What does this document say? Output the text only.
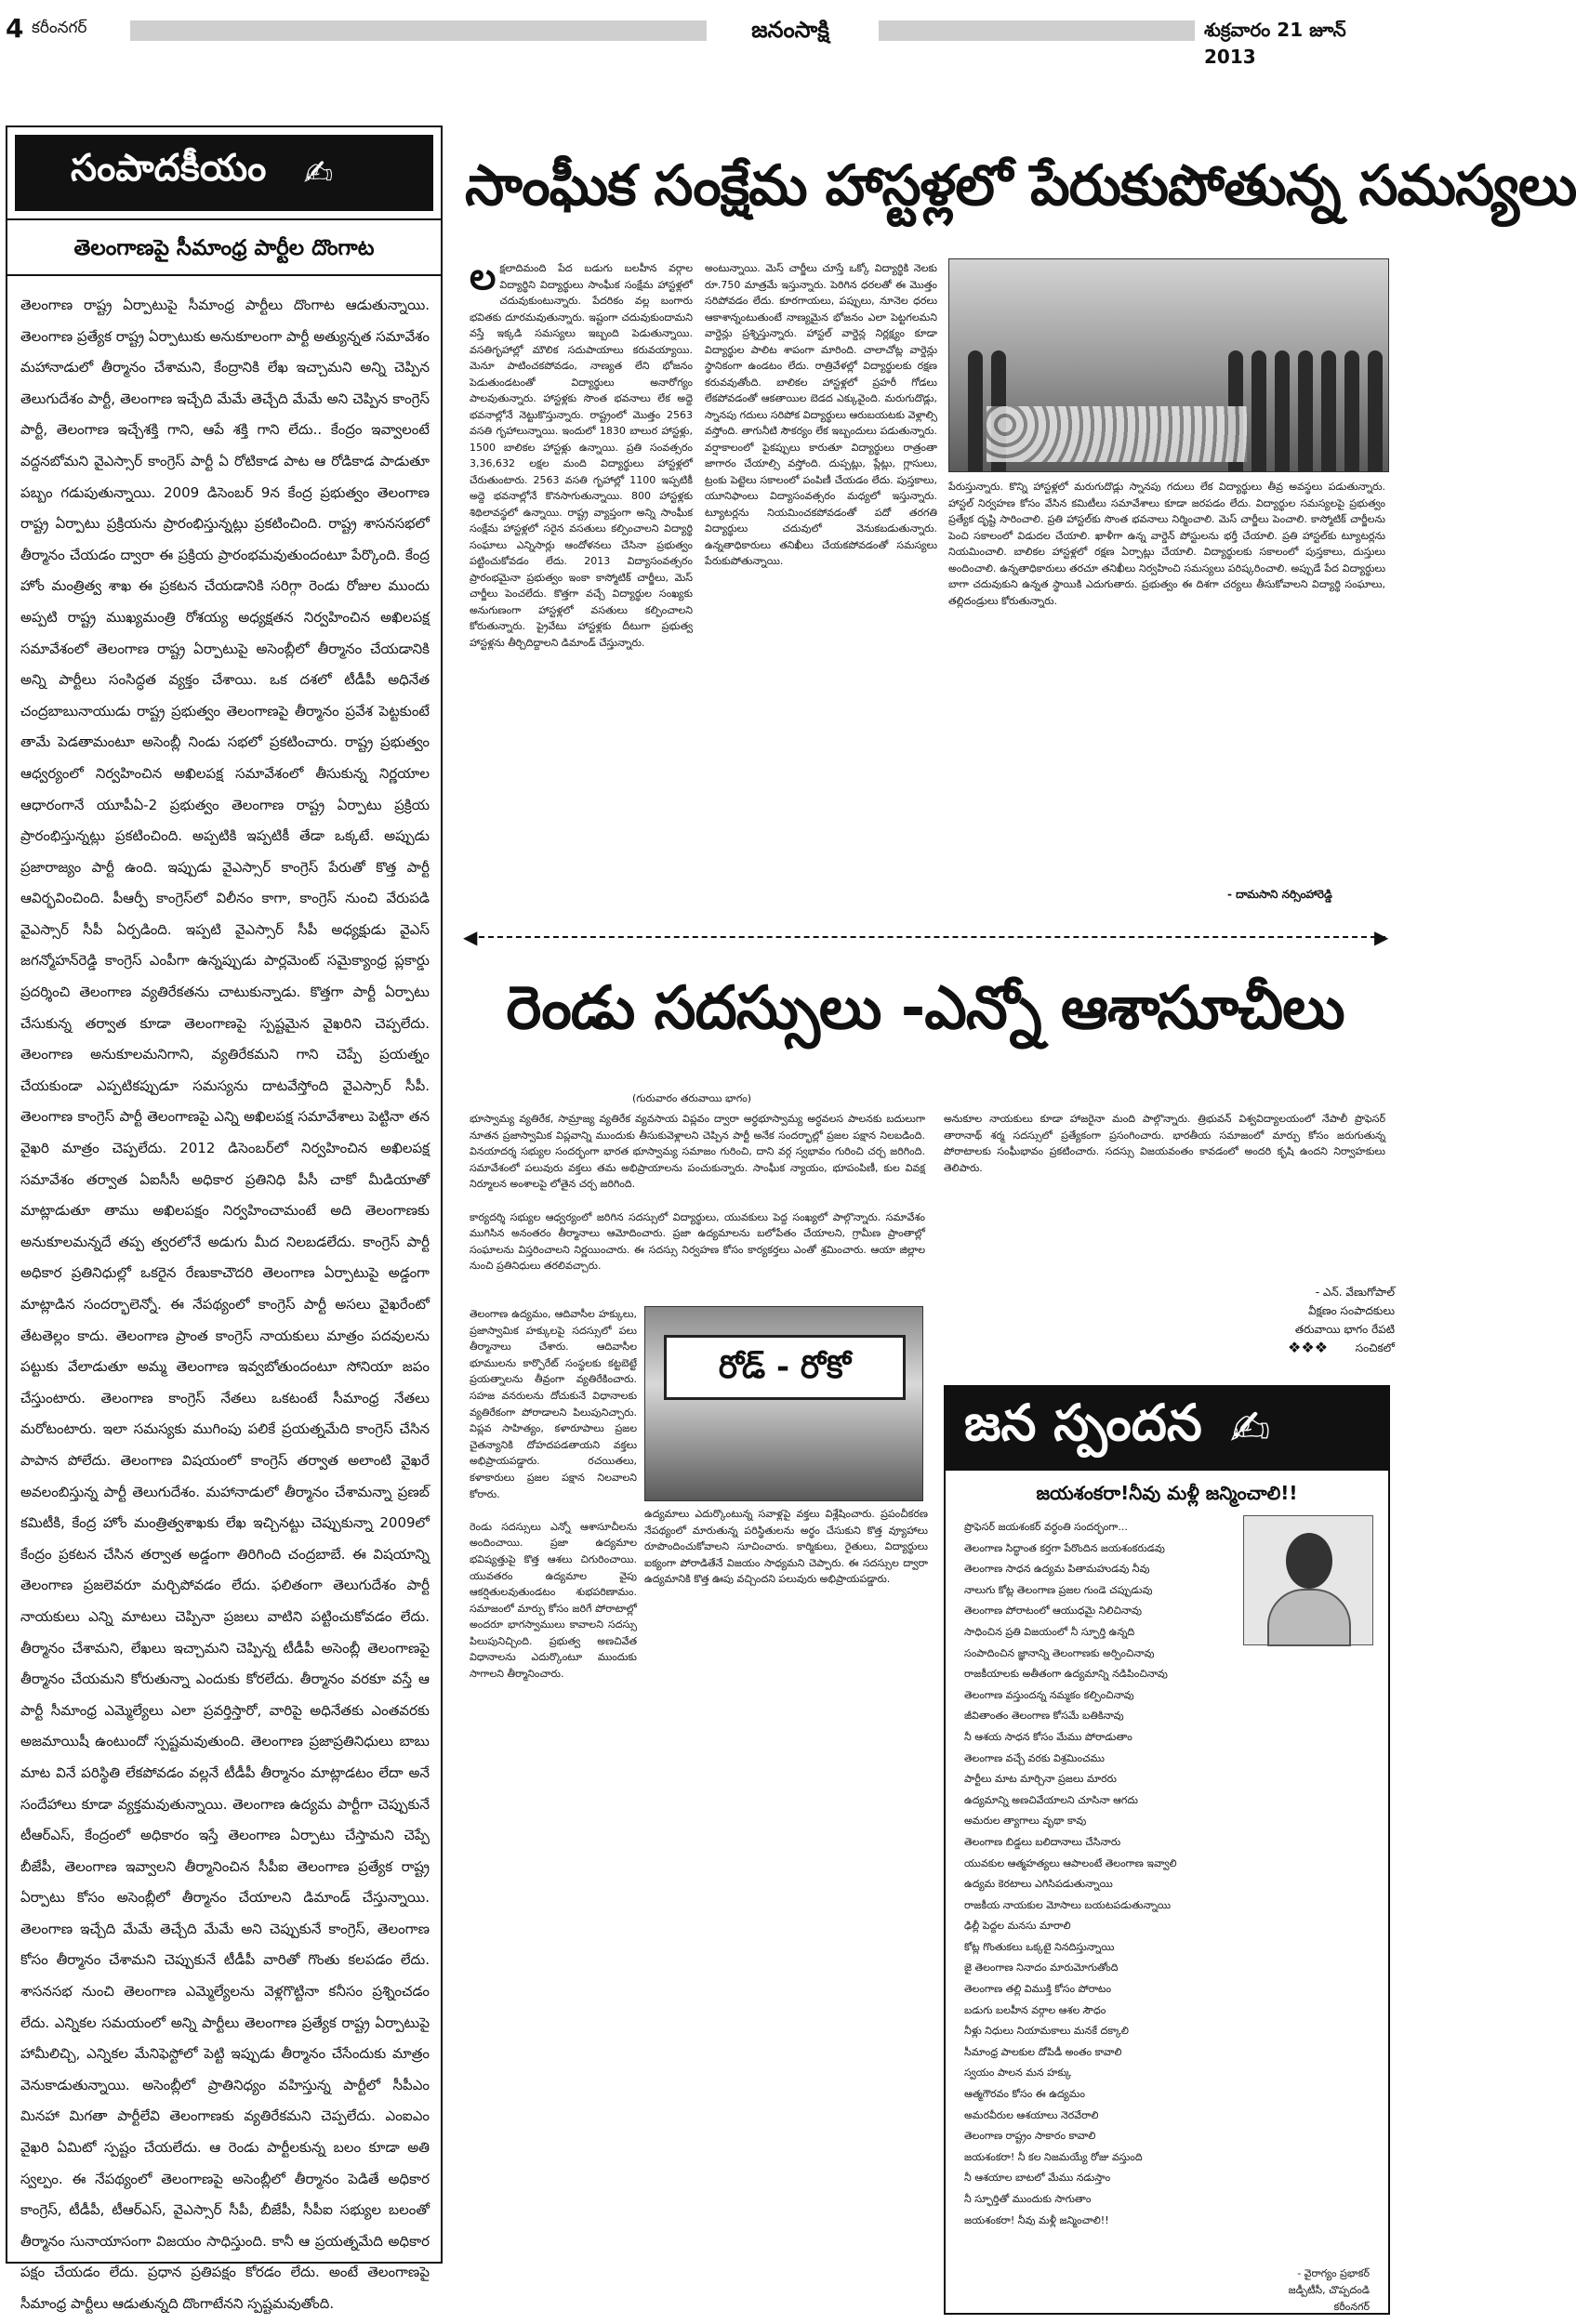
4 కరీంనగర్	జనంసాక్షి	శుక్రవారం 21 జూన్ 2013
సంపాదకీయం ✍
తెలంగాణపై సీమాంధ్ర పార్టీల దొంగాట
తెలంగాణ రాష్ట్ర ఏర్పాటుపై సీమాంధ్ర పార్టీలు దొంగాట ఆడుతున్నాయి. తెలంగాణ ప్రత్యేక రాష్ట్ర ఏర్పాటుకు అనుకూలంగా పార్టీ అత్యున్నత సమావేశం మహానాడులో తీర్మానం చేశామని, కేంద్రానికి లేఖ ఇచ్చామని అన్ని చెప్పిన తెలుగుదేశం పార్టీ, తెలంగాణ ఇచ్చేది మేమే తెచ్చేది మేమే అని చెప్పిన కాంగ్రెస్ పార్టీ, తెలంగాణ ఇచ్చేశక్తి గాని, ఆపే శక్తి గాని లేదు.. కేంద్రం ఇవ్వాలంటే వద్దనబోమని వైఎస్సార్ కాంగ్రెస్ పార్టీ ఏ రోటికాడ పాట ఆ రోడికాడ పాడుతూ పబ్బం గడుపుతున్నాయి. 2009 డిసెంబర్ 9న కేంద్ర ప్రభుత్వం తెలంగాణ రాష్ట్ర ఏర్పాటు ప్రక్రియను ప్రారంభిస్తున్నట్లు ప్రకటించింది. రాష్ట్ర శాసనసభలో తీర్మానం చేయడం ద్వారా ఈ ప్రక్రియ ప్రారంభమవుతుందంటూ పేర్కొంది. కేంద్ర హోం మంత్రిత్వ శాఖ ఈ ప్రకటన చేయడానికి సరిగ్గా రెండు రోజుల ముందు అప్పటి రాష్ట్ర ముఖ్యమంత్రి రోశయ్య అధ్యక్షతన నిర్వహించిన అఖిలపక్ష సమావేశంలో తెలంగాణ రాష్ట్ర ఏర్పాటుపై అసెంబ్లీలో తీర్మానం చేయడానికి అన్ని పార్టీలు సంసిద్ధత వ్యక్తం చేశాయి. ఒక దశలో టీడీపీ అధినేత చంద్రబాబునాయుడు రాష్ట్ర ప్రభుత్వం తెలంగాణపై తీర్మానం ప్రవేశ పెట్టకుంటే తామే పెడతామంటూ అసెంబ్లీ నిండు సభలో ప్రకటించారు. రాష్ట్ర ప్రభుత్వం ఆధ్వర్యంలో నిర్వహించిన అఖిలపక్ష సమావేశంలో తీసుకున్న నిర్ణయాల ఆధారంగానే యూపీఏ-2 ప్రభుత్వం తెలంగాణ రాష్ట్ర ఏర్పాటు ప్రక్రియ ప్రారంభిస్తున్నట్లు ప్రకటించింది. అప్పటికి ఇప్పటికీ తేడా ఒక్కటే. అప్పుడు ప్రజారాజ్యం పార్టీ ఉంది. ఇప్పుడు వైఎస్సార్ కాంగ్రెస్ పేరుతో కొత్త పార్టీ ఆవిర్భవించింది. పీఆర్పీ కాంగ్రెస్‌లో విలీనం కాగా, కాంగ్రెస్ నుంచి వేరుపడి వైఎస్సార్ సీపీ ఏర్పడింది. ఇప్పటి వైఎస్సార్ సీపీ అధ్యక్షుడు వైఎస్ జగన్మోహన్‌రెడ్డి కాంగ్రెస్ ఎంపీగా ఉన్నప్పుడు పార్లమెంట్ సమైక్యాంధ్ర ప్లకార్డు ప్రదర్శించి తెలంగాణ వ్యతిరేకతను చాటుకున్నాడు. కొత్తగా పార్టీ ఏర్పాటు చేసుకున్న తర్వాత కూడా తెలంగాణపై స్పష్టమైన వైఖరిని చెప్పలేదు. తెలంగాణ అనుకూలమనిగాని, వ్యతిరేకమని గాని చెప్పే ప్రయత్నం చేయకుండా ఎప్పటికప్పుడూ సమస్యను దాటవేస్తోంది వైఎస్సార్ సీపీ. తెలంగాణ కాంగ్రెస్ పార్టీ తెలంగాణపై ఎన్ని అఖిలపక్ష సమావేశాలు పెట్టినా తన వైఖరి మాత్రం చెప్పలేదు. 2012 డిసెంబర్‌లో నిర్వహించిన అఖిలపక్ష సమావేశం తర్వాత ఏఐసీసీ అధికార ప్రతినిధి పీసీ చాకో మీడియాతో మాట్లాడుతూ తాము అఖిలపక్షం నిర్వహించామంటే అది తెలంగాణకు అనుకూలమన్నదే తప్ప త్వరలోనే అడుగు మీద నిలబడలేదు. కాంగ్రెస్ పార్టీ అధికార ప్రతినిధుల్లో ఒకరైన రేణుకాచౌదరి తెలంగాణ ఏర్పాటుపై అడ్డంగా మాట్లాడిన సందర్భాలెన్నో. ఈ నేపథ్యంలో కాంగ్రెస్ పార్టీ అసలు వైఖరేంటో తేటతెల్లం కాదు. తెలంగాణ ప్రాంత కాంగ్రెస్ నాయకులు మాత్రం పదవులను పట్టుకు వేలాడుతూ అమ్మ తెలంగాణ ఇవ్వబోతుందంటూ సోనియా జపం చేస్తుంటారు. తెలంగాణ కాంగ్రెస్ నేతలు ఒకటంటే సీమాంధ్ర నేతలు మరోటంటారు. ఇలా సమస్యకు ముగింపు పలికే ప్రయత్నమేది కాంగ్రెస్ చేసిన పాపాన పోలేదు. తెలంగాణ విషయంలో కాంగ్రెస్ తర్వాత అలాంటి వైఖరే అవలంబిస్తున్న పార్టీ తెలుగుదేశం. మహానాడులో తీర్మానం చేశామన్నా ప్రణబ్ కమిటీకి, కేంద్ర హోం మంత్రిత్వశాఖకు లేఖ ఇచ్చినట్టు చెప్పుకున్నా 2009లో కేంద్రం ప్రకటన చేసిన తర్వాత అడ్డంగా తిరిగింది చంద్రబాబే. ఈ విషయాన్ని తెలంగాణ ప్రజలెవరూ మర్చిపోవడం లేదు. ఫలితంగా తెలుగుదేశం పార్టీ నాయకులు ఎన్ని మాటలు చెప్పినా ప్రజలు వాటిని పట్టించుకోవడం లేదు. తీర్మానం చేశామని, లేఖలు ఇచ్చామని చెప్పిన్న టీడీపీ అసెంబ్లీ తెలంగాణపై తీర్మానం చేయమని కోరుతున్నా ఎందుకు కోరలేదు. తీర్మానం వరకూ వస్తే ఆ పార్టీ సీమాంధ్ర ఎమ్మెల్యేలు ఎలా ప్రవర్తిస్తారో, వారిపై అధినేతకు ఎంతవరకు అజమాయిషీ ఉంటుందో స్పష్టమవుతుంది. తెలంగాణ ప్రజాప్రతినిధులు బాబు మాట వినే పరిస్థితి లేకపోవడం వల్లనే టీడీపీ తీర్మానం మాట్లాడటం లేదా అనే సందేహాలు కూడా వ్యక్తమవుతున్నాయి. తెలంగాణ ఉద్యమ పార్టీగా చెప్పుకునే టీఆర్ఎస్, కేంద్రంలో అధికారం ఇస్తే తెలంగాణ ఏర్పాటు చేస్తామని చెప్పే బీజేపీ, తెలంగాణ ఇవ్వాలని తీర్మానించిన సీపీఐ తెలంగాణ ప్రత్యేక రాష్ట్ర ఏర్పాటు కోసం అసెంబ్లీలో తీర్మానం చేయాలని డిమాండ్ చేస్తున్నాయి. తెలంగాణ ఇచ్చేది మేమే తెచ్చేది మేమే అని చెప్పుకునే కాంగ్రెస్, తెలంగాణ కోసం తీర్మానం చేశామని చెప్పుకునే టీడీపీ వారితో గొంతు కలపడం లేదు. శాసనసభ నుంచి తెలంగాణ ఎమ్మెల్యేలను వెళ్లగొట్టినా కనీసం ప్రశ్నించడం లేదు. ఎన్నికల సమయంలో అన్ని పార్టీలు తెలంగాణ ప్రత్యేక రాష్ట్ర ఏర్పాటుపై హామీలిచ్చి, ఎన్నికల మేనిఫెస్టోలో పెట్టి ఇప్పుడు తీర్మానం చేసేందుకు మాత్రం వెనుకాడుతున్నాయి. అసెంబ్లీలో ప్రాతినిధ్యం వహిస్తున్న పార్టీలో సీపీఎం మినహా మిగతా పార్టీలేవి తెలంగాణకు వ్యతిరేకమని చెప్పలేదు. ఎంఐఎం వైఖరి ఏమిటో స్పష్టం చేయలేదు. ఆ రెండు పార్టీలకున్న బలం కూడా అతి స్వల్పం. ఈ నేపథ్యంలో తెలంగాణపై అసెంబ్లీలో తీర్మానం పెడితే అధికార కాంగ్రెస్, టీడీపీ, టీఆర్ఎస్, వైఎస్సార్ సీపీ, బీజేపీ, సీపీఐ సభ్యుల బలంతో తీర్మానం సునాయాసంగా విజయం సాధిస్తుంది. కానీ ఆ ప్రయత్నమేది అధికార పక్షం చేయడం లేదు. ప్రధాన ప్రతిపక్షం కోరడం లేదు. అంటే తెలంగాణపై సీమాంధ్ర పార్టీలు ఆడుతున్నది దొంగాటేనని స్పష్టమవుతోంది.
సాంఘీక సంక్షేమ హాస్టళ్లలో పేరుకుపోతున్న సమస్యలు
లక్షలాదిమంది పేద బడుగు బలహీన వర్గాల విద్యార్థిని విద్యార్థులు సాంఘీక సంక్షేమ హాస్టళ్లలో చదువుకుంటున్నారు. పేదరికం వల్ల బంగారు భవితకు దూరమవుతున్నారు. ఇష్టంగా చదువుకుందామని వస్తే ఇక్కడి సమస్యలు ఇబ్బంది పెడుతున్నాయి. వసతిగృహాల్లో మౌలిక సదుపాయాలు కరువయ్యాయి. మెనూ పాటించకపోవడం, నాణ్యత లేని భోజనం పెడుతుండటంతో విద్యార్థులు అనారోగ్యం పాలవుతున్నారు. హాస్టళ్లకు సొంత భవనాలు లేక అద్దె భవనాల్లోనే నెట్టుకొస్తున్నారు. రాష్ట్రంలో మొత్తం 2563 వసతి గృహాలున్నాయి. ఇందులో 1830 బాలుర హాస్టళ్లు, 1500 బాలికల హాస్టళ్లు ఉన్నాయి. ప్రతి సంవత్సరం 3,36,632 లక్షల మంది విద్యార్థులు హాస్టళ్లలో చేరుతుంటారు. 2563 వసతి గృహాల్లో 1100 ఇప్పటికీ అద్దె భవనాల్లోనే కొనసాగుతున్నాయి. 800 హాస్టళ్లకు శిథిలావస్థలో ఉన్నాయి. రాష్ట్ర వ్యాప్తంగా అన్ని సాంఘీక సంక్షేమ హాస్టళ్లలో సరైన వసతులు కల్పించాలని విద్యార్థి సంఘాలు ఎన్నిసార్లు ఆందోళనలు చేసినా ప్రభుత్వం పట్టించుకోవడం లేదు. 2013 విద్యాసంవత్సరం ప్రారంభమైనా ప్రభుత్వం ఇంకా కాస్మోటిక్ చార్జీలు, మెస్ చార్జీలు పెంచలేదు. కొత్తగా వచ్చే విద్యార్థుల సంఖ్యకు అనుగుణంగా హాస్టళ్లలో వసతులు కల్పించాలని కోరుతున్నారు. ప్రైవేటు హాస్టళ్లకు దీటుగా ప్రభుత్వ హాస్టళ్లను తీర్చిదిద్దాలని డిమాండ్ చేస్తున్నారు.
అంటున్నాయి. మెస్ చార్జీలు చూస్తే ఒక్కో విద్యార్థికి నెలకు రూ.750 మాత్రమే ఇస్తున్నారు. పెరిగిన ధరలతో ఈ మొత్తం సరిపోవడం లేదు. కూరగాయలు, పప్పులు, నూనెల ధరలు ఆకాశాన్నంటుతుంటే నాణ్యమైన భోజనం ఎలా పెట్టగలమని వార్డెన్లు ప్రశ్నిస్తున్నారు. హాస్టల్ వార్డెన్ల నిర్లక్ష్యం కూడా విద్యార్థుల పాలిట శాపంగా మారింది. చాలాచోట్ల వార్డెన్లు స్థానికంగా ఉండటం లేదు. రాత్రివేళల్లో విద్యార్థులకు రక్షణ కరువవుతోంది. బాలికల హాస్టళ్లలో ప్రహరీ గోడలు లేకపోవడంతో ఆకతాయిల బెడద ఎక్కువైంది. మరుగుదొడ్లు, స్నానపు గదులు సరిపోక విద్యార్థులు ఆరుబయటకు వెళ్లాల్సి వస్తోంది. తాగునీటి సౌకర్యం లేక ఇబ్బందులు పడుతున్నారు. వర్షాకాలంలో పైకప్పులు కారుతూ విద్యార్థులు రాత్రంతా జాగారం చేయాల్సి వస్తోంది. దుప్పట్లు, ప్లేట్లు, గ్లాసులు, ట్రంకు పెట్టెలు సకాలంలో పంపిణీ చేయడం లేదు. పుస్తకాలు, యూనిఫాంలు విద్యాసంవత్సరం మధ్యలో ఇస్తున్నారు. ట్యూటర్లను నియమించకపోవడంతో పదో తరగతి విద్యార్థులు చదువులో వెనుకబడుతున్నారు. ఉన్నతాధికారులు తనిఖీలు చేయకపోవడంతో సమస్యలు పేరుకుపోతున్నాయి.
పేరుస్తున్నారు. కొన్ని హాస్టళ్లలో మరుగుదొడ్లు స్నానపు గదులు లేక విద్యార్థులు తీవ్ర అవస్థలు పడుతున్నారు. హాస్టల్ నిర్వహణ కోసం వేసిన కమిటీలు సమావేశాలు కూడా జరపడం లేదు. విద్యార్థుల సమస్యలపై ప్రభుత్వం ప్రత్యేక దృష్టి సారించాలి. ప్రతి హాస్టల్‌కు సొంత భవనాలు నిర్మించాలి. మెస్ చార్జీలు పెంచాలి. కాస్మోటిక్ చార్జీలను పెంచి సకాలంలో విడుదల చేయాలి. ఖాళీగా ఉన్న వార్డెన్ పోస్టులను భర్తీ చేయాలి. ప్రతి హాస్టల్‌కు ట్యూటర్లను నియమించాలి. బాలికల హాస్టళ్లలో రక్షణ ఏర్పాట్లు చేయాలి. విద్యార్థులకు సకాలంలో పుస్తకాలు, దుస్తులు అందించాలి. ఉన్నతాధికారులు తరచూ తనిఖీలు నిర్వహించి సమస్యలు పరిష్కరించాలి. అప్పుడే పేద విద్యార్థులు బాగా చదువుకుని ఉన్నత స్థాయికి ఎదుగుతారు. ప్రభుత్వం ఈ దిశగా చర్యలు తీసుకోవాలని విద్యార్థి సంఘాలు, తల్లిదండ్రులు కోరుతున్నారు.
- దామసాని నర్సింహారెడ్డి
◀	▶
రెండు సదస్సులు -ఎన్నో ఆశాసూచీలు
(గురువారం తరువాయి భాగం)
భూస్వామ్య వ్యతిరేక, సామ్రాజ్య వ్యతిరేక వ్యవసాయ విప్లవం ద్వారా అర్ధభూస్వామ్య అర్ధవలస పాలనకు బదులుగా నూతన ప్రజాస్వామిక విప్లవాన్ని ముందుకు తీసుకువెళ్లాలని చెప్పిన పార్టీ అనేక సందర్భాల్లో ప్రజల పక్షాన నిలబడింది. వినయాదర్శ సభ్యుల సందర్భంగా భారత భూస్వామ్య సమాజం గురించి, దాని వర్గ స్వభావం గురించి చర్చ జరిగింది. సమావేశంలో పలువురు వక్తలు తమ అభిప్రాయాలను పంచుకున్నారు. సాంఘీక న్యాయం, భూపంపిణీ, కుల వివక్ష నిర్మూలన అంశాలపై లోతైన చర్చ జరిగింది.

కార్యదర్శి సభ్యుల ఆధ్వర్యంలో జరిగిన సదస్సులో విద్యార్థులు, యువకులు పెద్ద సంఖ్యలో పాల్గొన్నారు. సమావేశం ముగిసిన అనంతరం తీర్మానాలు ఆమోదించారు. ప్రజా ఉద్యమాలను బలోపేతం చేయాలని, గ్రామీణ ప్రాంతాల్లో సంఘాలను విస్తరించాలని నిర్ణయించారు. ఈ సదస్సు నిర్వహణ కోసం కార్యకర్తలు ఎంతో శ్రమించారు. ఆయా జిల్లాల నుంచి ప్రతినిధులు తరలివచ్చారు.
తెలంగాణ ఉద్యమం, ఆదివాసీల హక్కులు, ప్రజాస్వామిక హక్కులపై సదస్సులో పలు తీర్మానాలు చేశారు. ఆదివాసీల భూములను కార్పొరేట్ సంస్థలకు కట్టబెట్టే ప్రయత్నాలను తీవ్రంగా వ్యతిరేకించారు. సహజ వనరులను దోచుకునే విధానాలకు వ్యతిరేకంగా పోరాడాలని పిలుపునిచ్చారు. విప్లవ సాహిత్యం, కళారూపాలు ప్రజల చైతన్యానికి దోహదపడతాయని వక్తలు అభిప్రాయపడ్డారు. రచయితలు, కళాకారులు ప్రజల పక్షాన నిలవాలని కోరారు.

రెండు సదస్సులు ఎన్నో ఆశాసూచీలను అందించాయి. ప్రజా ఉద్యమాల భవిష్యత్తుపై కొత్త ఆశలు చిగురించాయి. యువతరం ఉద్యమాల వైపు ఆకర్షితులవుతుండటం శుభపరిణామం. సమాజంలో మార్పు కోసం జరిగే పోరాటాల్లో అందరూ భాగస్వాములు కావాలని సదస్సు పిలుపునిచ్చింది. ప్రభుత్వ అణచివేత విధానాలను ఎదుర్కొంటూ ముందుకు సాగాలని తీర్మానించారు.
రోడ్ - రోకో
ఉద్యమాలు ఎదుర్కొంటున్న సవాళ్లపై వక్తలు విశ్లేషించారు. ప్రపంచీకరణ నేపథ్యంలో మారుతున్న పరిస్థితులను అర్థం చేసుకుని కొత్త వ్యూహాలు రూపొందించుకోవాలని సూచించారు. కార్మికులు, రైతులు, విద్యార్థులు ఐక్యంగా పోరాడితేనే విజయం సాధ్యమని చెప్పారు. ఈ సదస్సుల ద్వారా ఉద్యమానికి కొత్త ఊపు వచ్చిందని పలువురు అభిప్రాయపడ్డారు.
అనుకూల నాయకులు కూడా హాజరైనా మంది పాల్గొన్నారు. త్రిభువన్ విశ్వవిద్యాలయంలో నేపాలీ ప్రొఫెసర్ తారానాథ్ శర్మ సదస్సులో ప్రత్యేకంగా ప్రసంగించారు. భారతీయ సమాజంలో మార్పు కోసం జరుగుతున్న పోరాటాలకు సంఘీభావం ప్రకటించారు. సదస్సు విజయవంతం కావడంలో అందరి కృషి ఉందని నిర్వాహకులు తెలిపారు.
- ఎన్. వేణుగోపాల్
వీక్షణం సంపాదకులు
తరువాయి భాగం రేపటి సంచికలో
❖❖❖
జన స్పందన ✍
జయశంకరా!నీవు మళ్లీ జన్మించాలి!!
ప్రొఫెసర్ జయశంకర్ వర్ధంతి సందర్భంగా...
తెలంగాణ సిద్ధాంత కర్తగా పేరొందిన జయశంకరుడవు
తెలంగాణ సాధన ఉద్యమ పితామహుడవు నీవు
నాలుగు కోట్ల తెలంగాణ ప్రజల గుండె చప్పుడువు
తెలంగాణ పోరాటంలో ఆయుధమై నిలిచినావు
సాధించిన ప్రతి విజయంలో నీ స్ఫూర్తి ఉన్నది
సంపాదించిన జ్ఞానాన్ని తెలంగాణకు అర్పించినావు
రాజకీయాలకు అతీతంగా ఉద్యమాన్ని నడిపించినావు
తెలంగాణ వస్తుందన్న నమ్మకం కల్పించినావు
జీవితాంతం తెలంగాణ కోసమే బతికినావు
నీ ఆశయ సాధన కోసం మేము పోరాడుతాం
తెలంగాణ వచ్చే వరకు విశ్రమించము
పార్టీలు మాట మార్చినా ప్రజలు మారరు
ఉద్యమాన్ని అణచివేయాలని చూసినా ఆగదు
అమరుల త్యాగాలు వృథా కావు
తెలంగాణ బిడ్డలు బలిదానాలు చేసినారు
యువకుల ఆత్మహత్యలు ఆపాలంటే తెలంగాణ ఇవ్వాలి
ఉద్యమ కెరటాలు ఎగిసిపడుతున్నాయి
రాజకీయ నాయకుల మోసాలు బయటపడుతున్నాయి
ఢిల్లీ పెద్దల మనసు మారాలి
కోట్ల గొంతుకలు ఒక్కటై నినదిస్తున్నాయి
జై తెలంగాణ నినాదం మారుమోగుతోంది
తెలంగాణ తల్లి విముక్తి కోసం పోరాటం
బడుగు బలహీన వర్గాల ఆశల సౌధం
నీళ్లు నిధులు నియామకాలు మనకే దక్కాలి
సీమాంధ్ర పాలకుల దోపిడీ అంతం కావాలి
స్వయం పాలన మన హక్కు
ఆత్మగౌరవం కోసం ఈ ఉద్యమం
అమరవీరుల ఆశయాలు నెరవేరాలి
తెలంగాణ రాష్ట్రం సాకారం కావాలి
జయశంకరా! నీ కల నిజమయ్యే రోజు వస్తుంది
నీ ఆశయాల బాటలో మేము నడుస్తాం
నీ స్ఫూర్తితో ముందుకు సాగుతాం
జయశంకరా! నీవు మళ్లీ జన్మించాలి!!
- వైరాగ్యం ప్రభాకర్
జడ్పీటీసీ, చొప్పదండి
కరీంనగర్
